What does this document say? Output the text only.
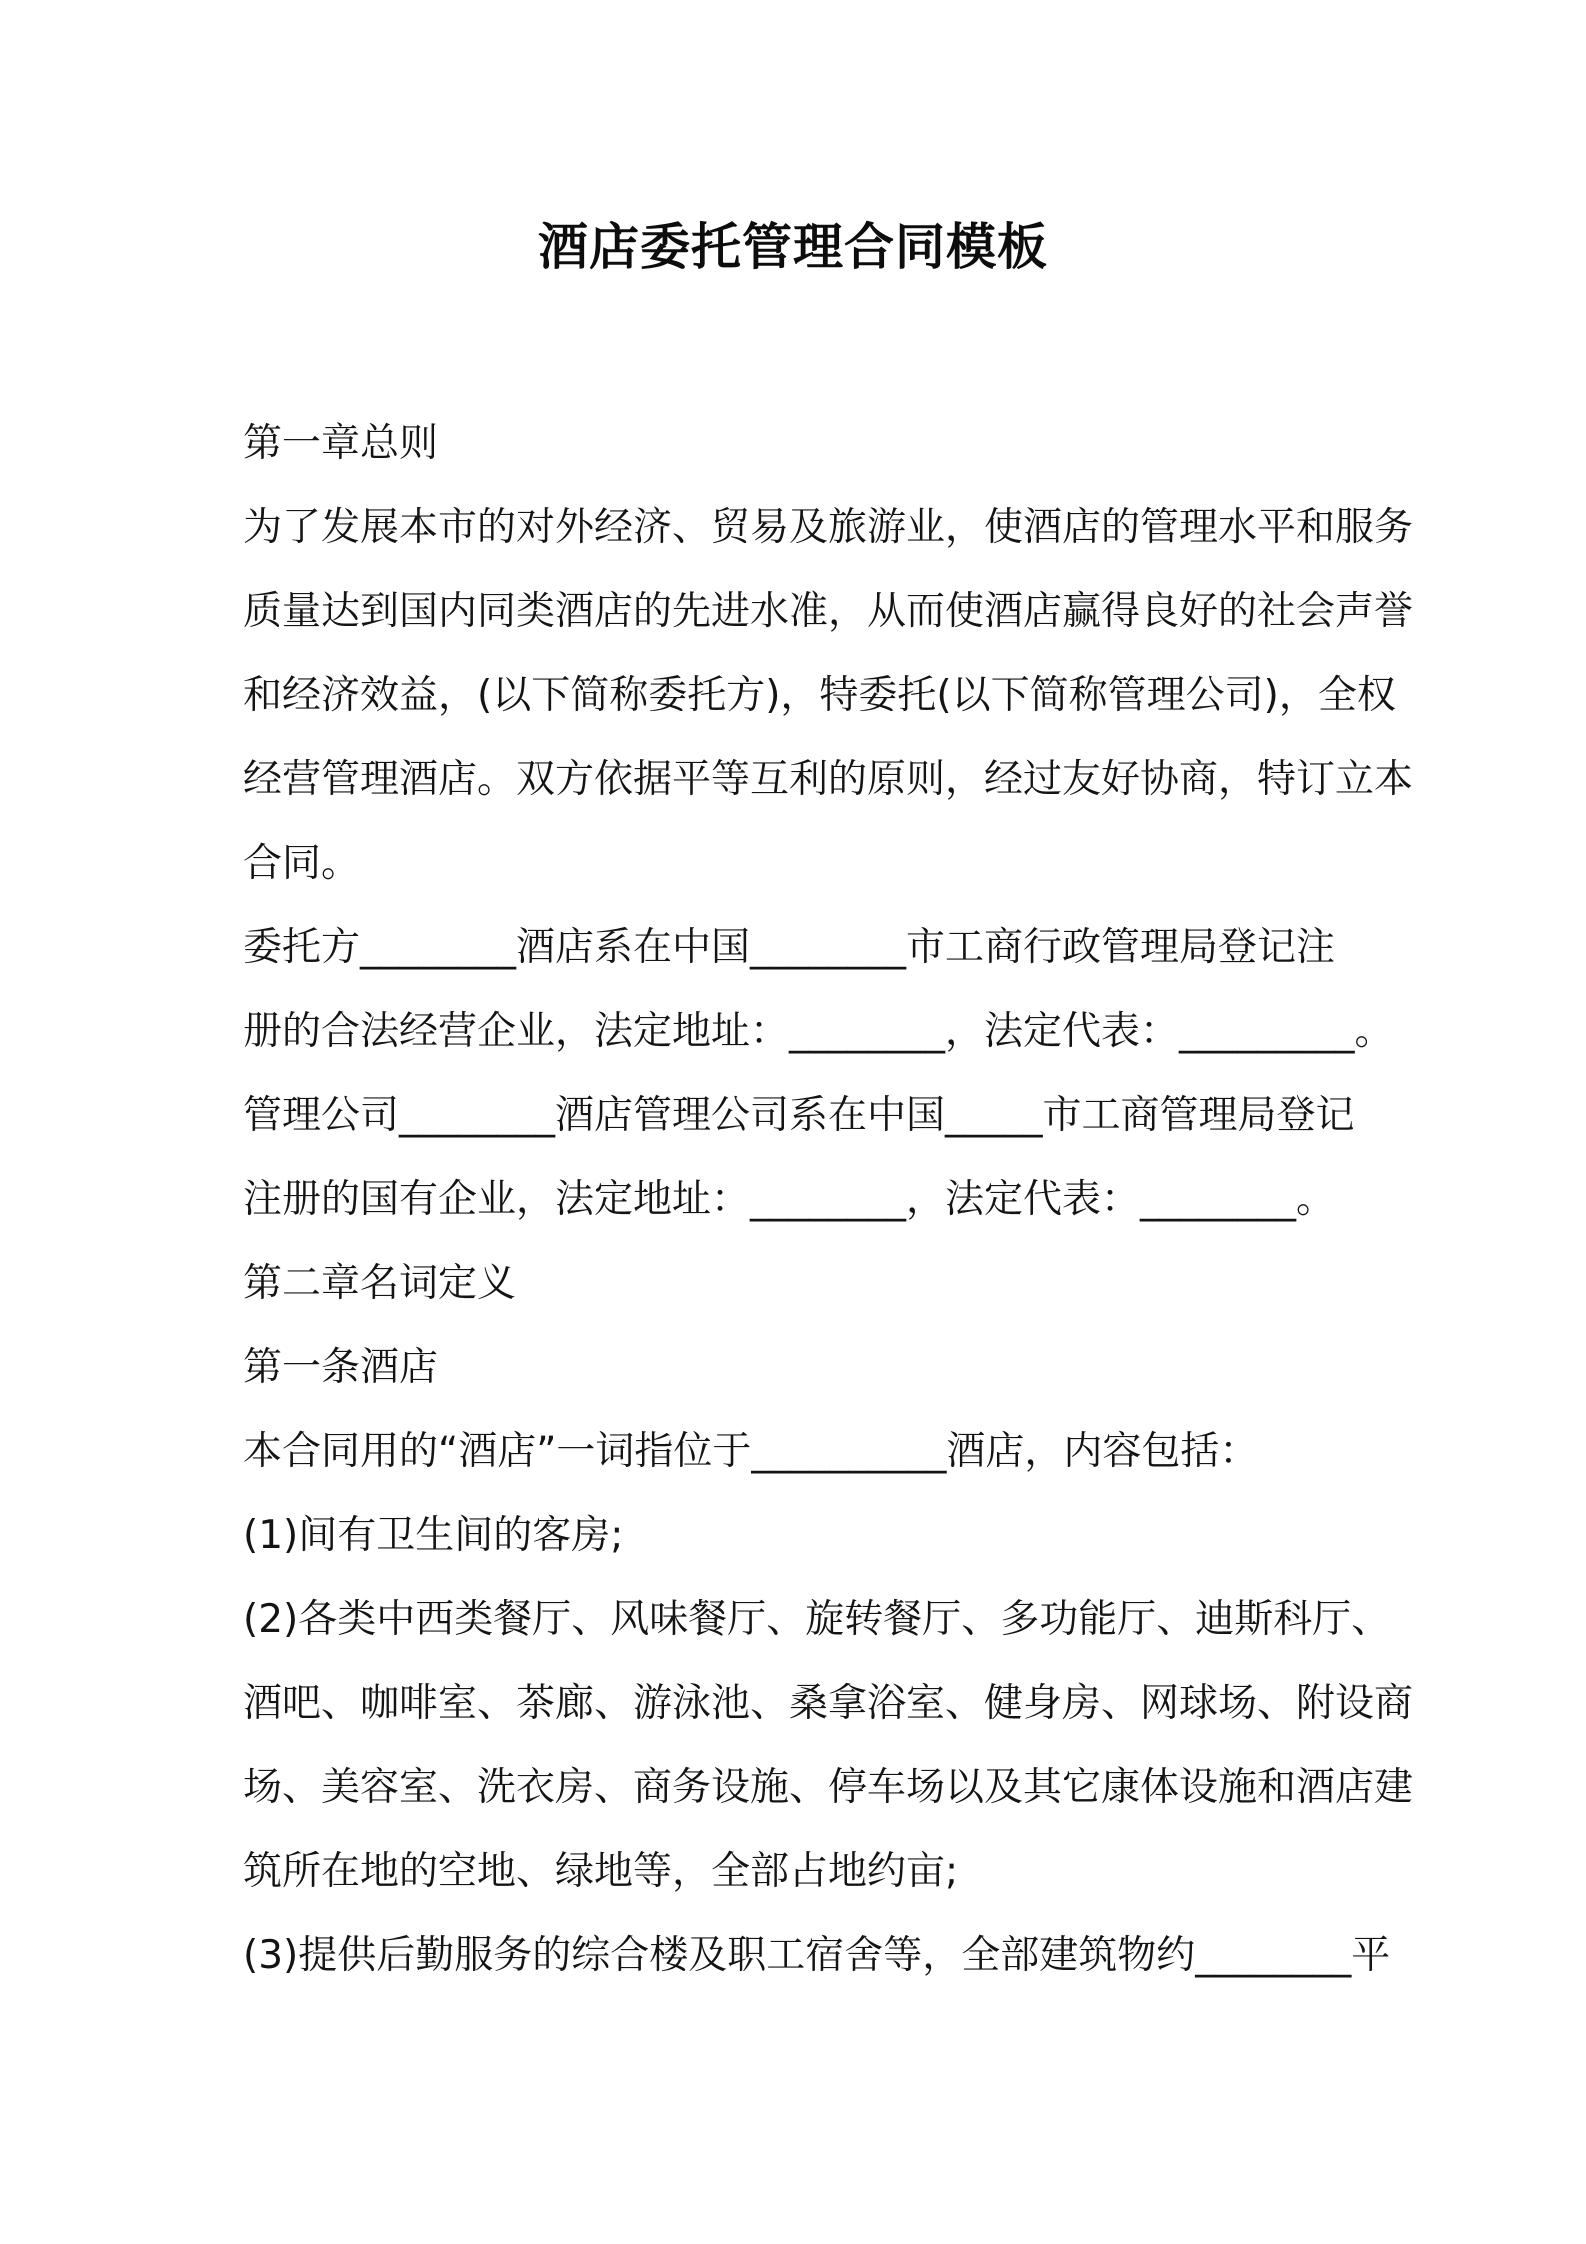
酒店委托管理合同模板
第一章总则
为了发展本市的对外经济、贸易及旅游业，使酒店的管理水平和服务
质量达到国内同类酒店的先进水准，从而使酒店赢得良好的社会声誉
和经济效益，(以下简称委托方)，特委托(以下简称管理公司)，全权
经营管理酒店。双方依据平等互利的原则，经过友好协商，特订立本
合同。
委托方________酒店系在中国________市工商行政管理局登记注
册的合法经营企业，法定地址：________，法定代表：_________。
管理公司________酒店管理公司系在中国_____市工商管理局登记
注册的国有企业，法定地址：________，法定代表：________。
第二章名词定义
第一条酒店
本合同用的“酒店”一词指位于__________酒店，内容包括：
(1)间有卫生间的客房;
(2)各类中西类餐厅、风味餐厅、旋转餐厅、多功能厅、迪斯科厅、
酒吧、咖啡室、茶廊、游泳池、桑拿浴室、健身房、网球场、附设商
场、美容室、洗衣房、商务设施、停车场以及其它康体设施和酒店建
筑所在地的空地、绿地等，全部占地约亩;
(3)提供后勤服务的综合楼及职工宿舍等，全部建筑物约________平
